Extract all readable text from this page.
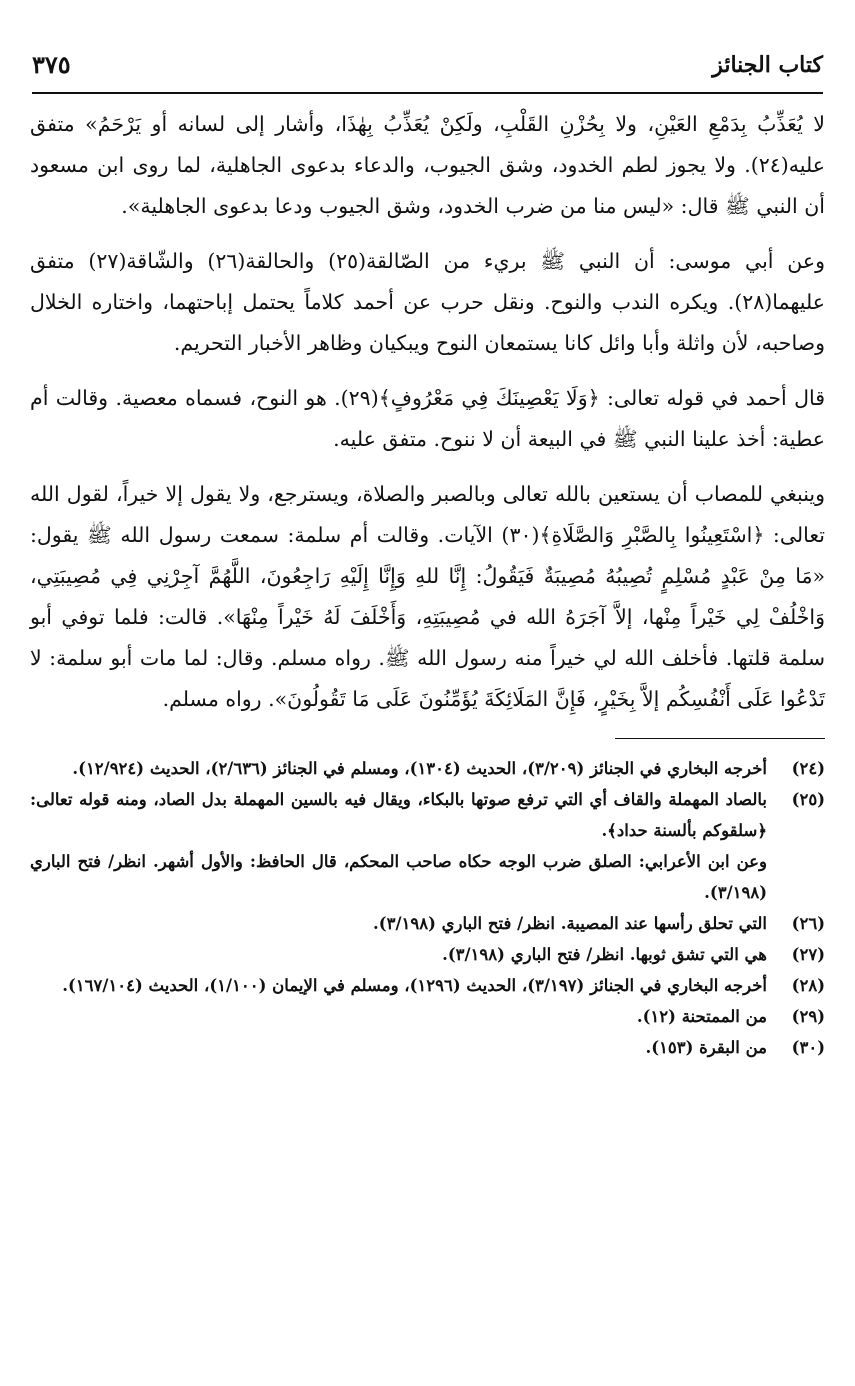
كتاب الجنائز
٣٧٥

لا يُعَذِّبُ بِدَمْعِ العَيْنِ، ولا بِحُزْنِ القَلْبِ، ولَكِنْ يُعَذِّبُ بِهٰذَا، وأشار إلى لسانه أو يَرْحَمُ» متفق عليه(٢٤). ولا يجوز لطم الخدود، وشق الجيوب، والدعاء بدعوى الجاهلية، لما روى ابن مسعود أن النبي ﷺ قال: «ليس منا من ضرب الخدود، وشق الجيوب ودعا بدعوى الجاهلية».

وعن أبي موسى: أن النبي ﷺ بريء من الصّالقة(٢٥) والحالقة(٢٦) والشّاقة(٢٧) متفق عليهما(٢٨). ويكره الندب والنوح. ونقل حرب عن أحمد كلاماً يحتمل إباحتهما، واختاره الخلال وصاحبه، لأن واثلة وأبا وائل كانا يستمعان النوح ويبكيان وظاهر الأخبار التحريم.

قال أحمد في قوله تعالى: ﴿وَلَا يَعْصِينَكَ فِي مَعْرُوفٍ﴾(٢٩). هو النوح، فسماه معصية. وقالت أم عطية: أخذ علينا النبي ﷺ في البيعة أن لا ننوح. متفق عليه.

وينبغي للمصاب أن يستعين بالله تعالى وبالصبر والصلاة، ويسترجع، ولا يقول إلا خيراً، لقول الله تعالى: ﴿اسْتَعِينُوا بِالصَّبْرِ وَالصَّلَاةِ﴾(٣٠) الآيات. وقالت أم سلمة: سمعت رسول الله ﷺ يقول: «مَا مِنْ عَبْدٍ مُسْلِمٍ تُصِيبُهُ مُصِيبَةٌ فَيَقُولُ: إِنَّا للهِ وَإِنَّا إِلَيْهِ رَاجِعُونَ، اللَّهُمَّ آجِرْنِي فِي مُصِيبَتِي، وَاخْلُفْ لِي خَيْراً مِنْها، إلاَّ آجَرَهُ الله في مُصِيبَتِهِ، وَأَخْلَفَ لَهُ خَيْراً مِنْهَا». قالت: فلما توفي أبو سلمة قلتها. فأخلف الله لي خيراً منه رسول الله ﷺ. رواه مسلم. وقال: لما مات أبو سلمة: لا تَدْعُوا عَلَى أَنْفُسِكُم إلاَّ بِخَيْرٍ، فَإِنَّ المَلَائِكَةَ يُؤَمِّنُونَ عَلَى مَا تَقُولُونَ». رواه مسلم.

(٢٤)
أخرجه البخاري في الجنائز (٣/٢٠٩)، الحديث (١٣٠٤)، ومسلم في الجنائز (٢/٦٣٦)، الحديث (١٢/٩٢٤).
(٢٥)
بالصاد المهملة والقاف أي التي ترفع صوتها بالبكاء، ويقال فيه بالسين المهملة بدل الصاد، ومنه قوله تعالى: ﴿سلقوكم بألسنة حداد﴾.
وعن ابن الأعرابي: الصلق ضرب الوجه حكاه صاحب المحكم، قال الحافظ: والأول أشهر. انظر/ فتح الباري (٣/١٩٨).
(٢٦)
التي تحلق رأسها عند المصيبة. انظر/ فتح الباري (٣/١٩٨).
(٢٧)
هي التي تشق ثوبها. انظر/ فتح الباري (٣/١٩٨).
(٢٨)
أخرجه البخاري في الجنائز (٣/١٩٧)، الحديث (١٢٩٦)، ومسلم في الإيمان (١/١٠٠)، الحديث (١٦٧/١٠٤).
(٢٩)
من الممتحنة (١٢).
(٣٠)
من البقرة (١٥٣).
